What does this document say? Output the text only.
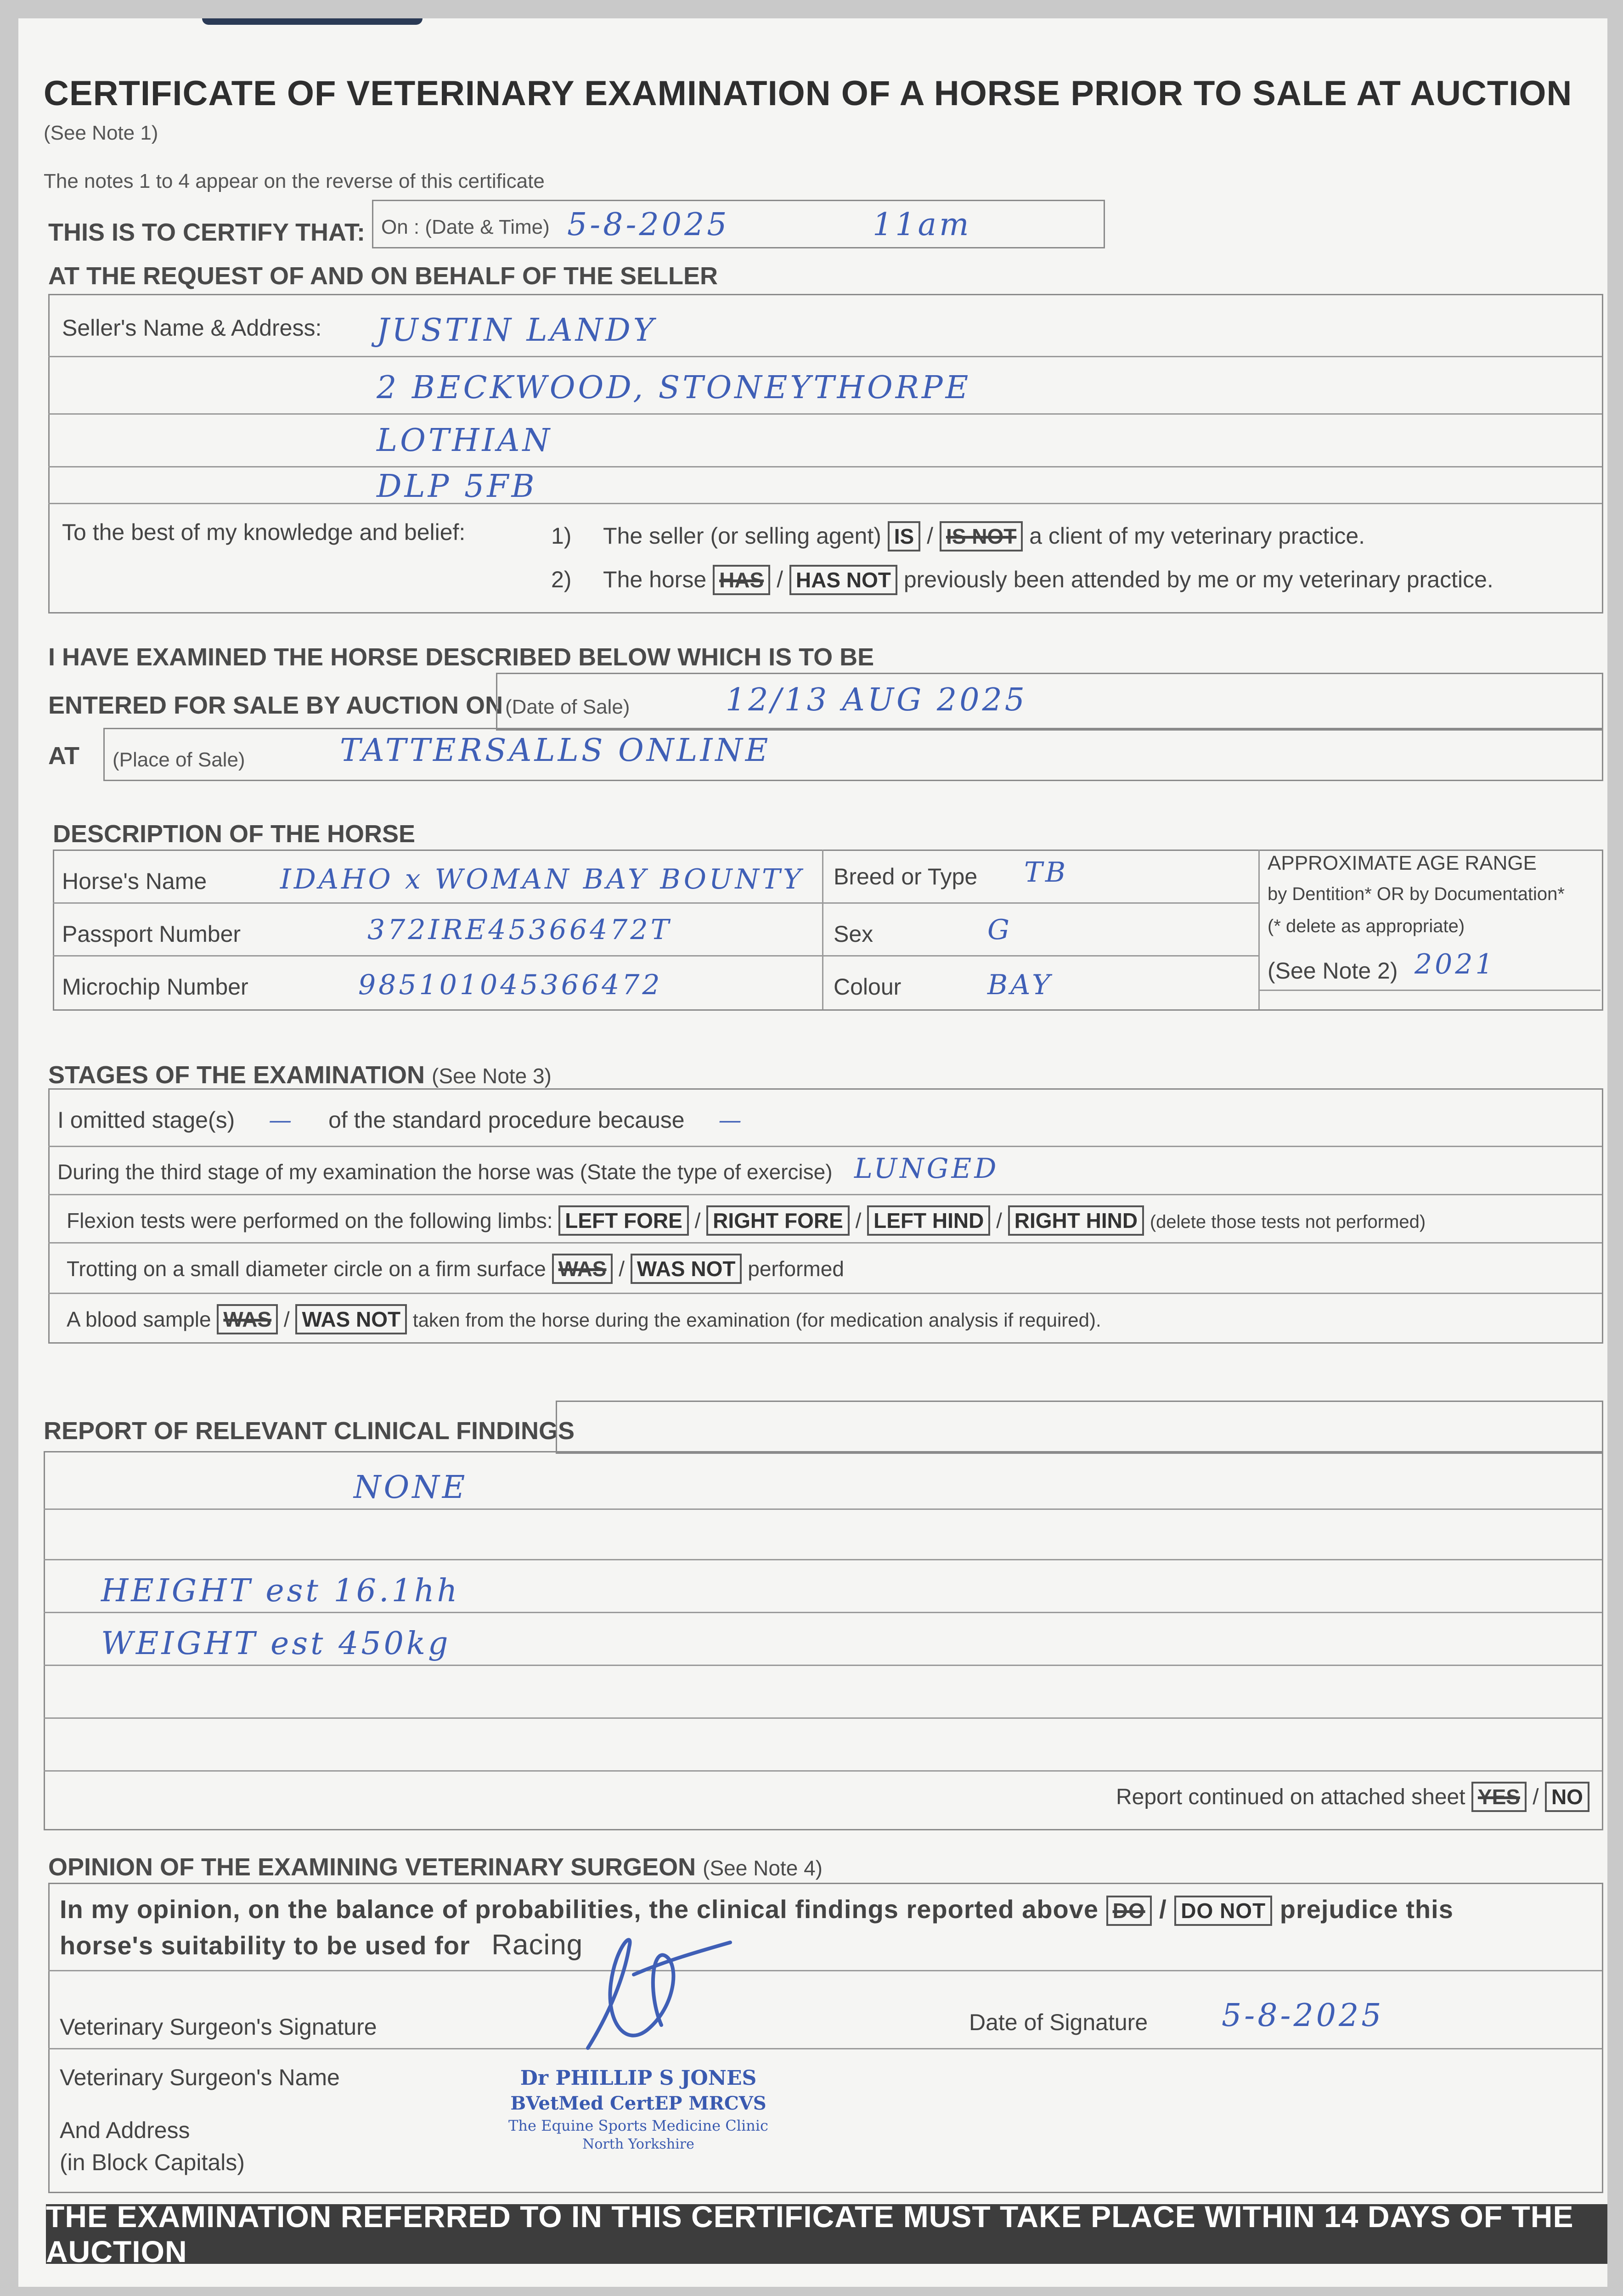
CERTIFICATE OF VETERINARY EXAMINATION OF A HORSE PRIOR TO SALE AT AUCTION
(See Note 1)
The notes 1 to 4 appear on the reverse of this certificate
THIS IS TO CERTIFY THAT: On : (Date & Time) 5-8-2025	11am
AT THE REQUEST OF AND ON BEHALF OF THE SELLER
Seller's Name & Address: JUSTIN LANDY
2 BECKWOOD, STONEYTHORPE
LOTHIAN
DLP 5FB
To the best of my knowledge and belief:	1) The seller (or selling agent) IS / IS NOT a client of my veterinary practice.
2) The horse HAS / HAS NOT previously been attended by me or my veterinary practice.
I HAVE EXAMINED THE HORSE DESCRIBED BELOW WHICH IS TO BE
ENTERED FOR SALE BY AUCTION ON (Date of Sale)	12/13 AUG 2025
AT (Place of Sale)	TATTERSALLS ONLINE
DESCRIPTION OF THE HORSE
Horse's Name	IDAHO x WOMAN BAY BOUNTY
Passport Number	372IRE45366472T
Microchip Number	985101045366472
Breed or Type TB
Sex	G
Colour	BAY
APPROXIMATE AGE RANGE
by Dentition* OR by Documentation*
(* delete as appropriate)
(See Note 2) 2021
STAGES OF THE EXAMINATION (See Note 3)
I omitted stage(s) — of the standard procedure because —
During the third stage of my examination the horse was (State the type of exercise) LUNGED
Flexion tests were performed on the following limbs: LEFT FORE / RIGHT FORE / LEFT HIND / RIGHT HIND (delete those tests not performed)
Trotting on a small diameter circle on a firm surface WAS / WAS NOT performed
A blood sample WAS / WAS NOT taken from the horse during the examination (for medication analysis if required).
REPORT OF RELEVANT CLINICAL FINDINGS
NONE
HEIGHT est 16.1hh
WEIGHT est 450kg
Report continued on attached sheet YES / NO
OPINION OF THE EXAMINING VETERINARY SURGEON (See Note 4)
In my opinion, on the balance of probabilities, the clinical findings reported above DO / DO NOT prejudice this
horse's suitability to be used for Racing
Veterinary Surgeon's Signature	Date of Signature 5-8-2025
Veterinary Surgeon's Name
And Address
(in Block Capitals)
Dr PHILLIP S JONES
BVetMed CertEP MRCVS
The Equine Sports Medicine Clinic
North Yorkshire
THE EXAMINATION REFERRED TO IN THIS CERTIFICATE MUST TAKE PLACE WITHIN 14 DAYS OF THE AUCTION
